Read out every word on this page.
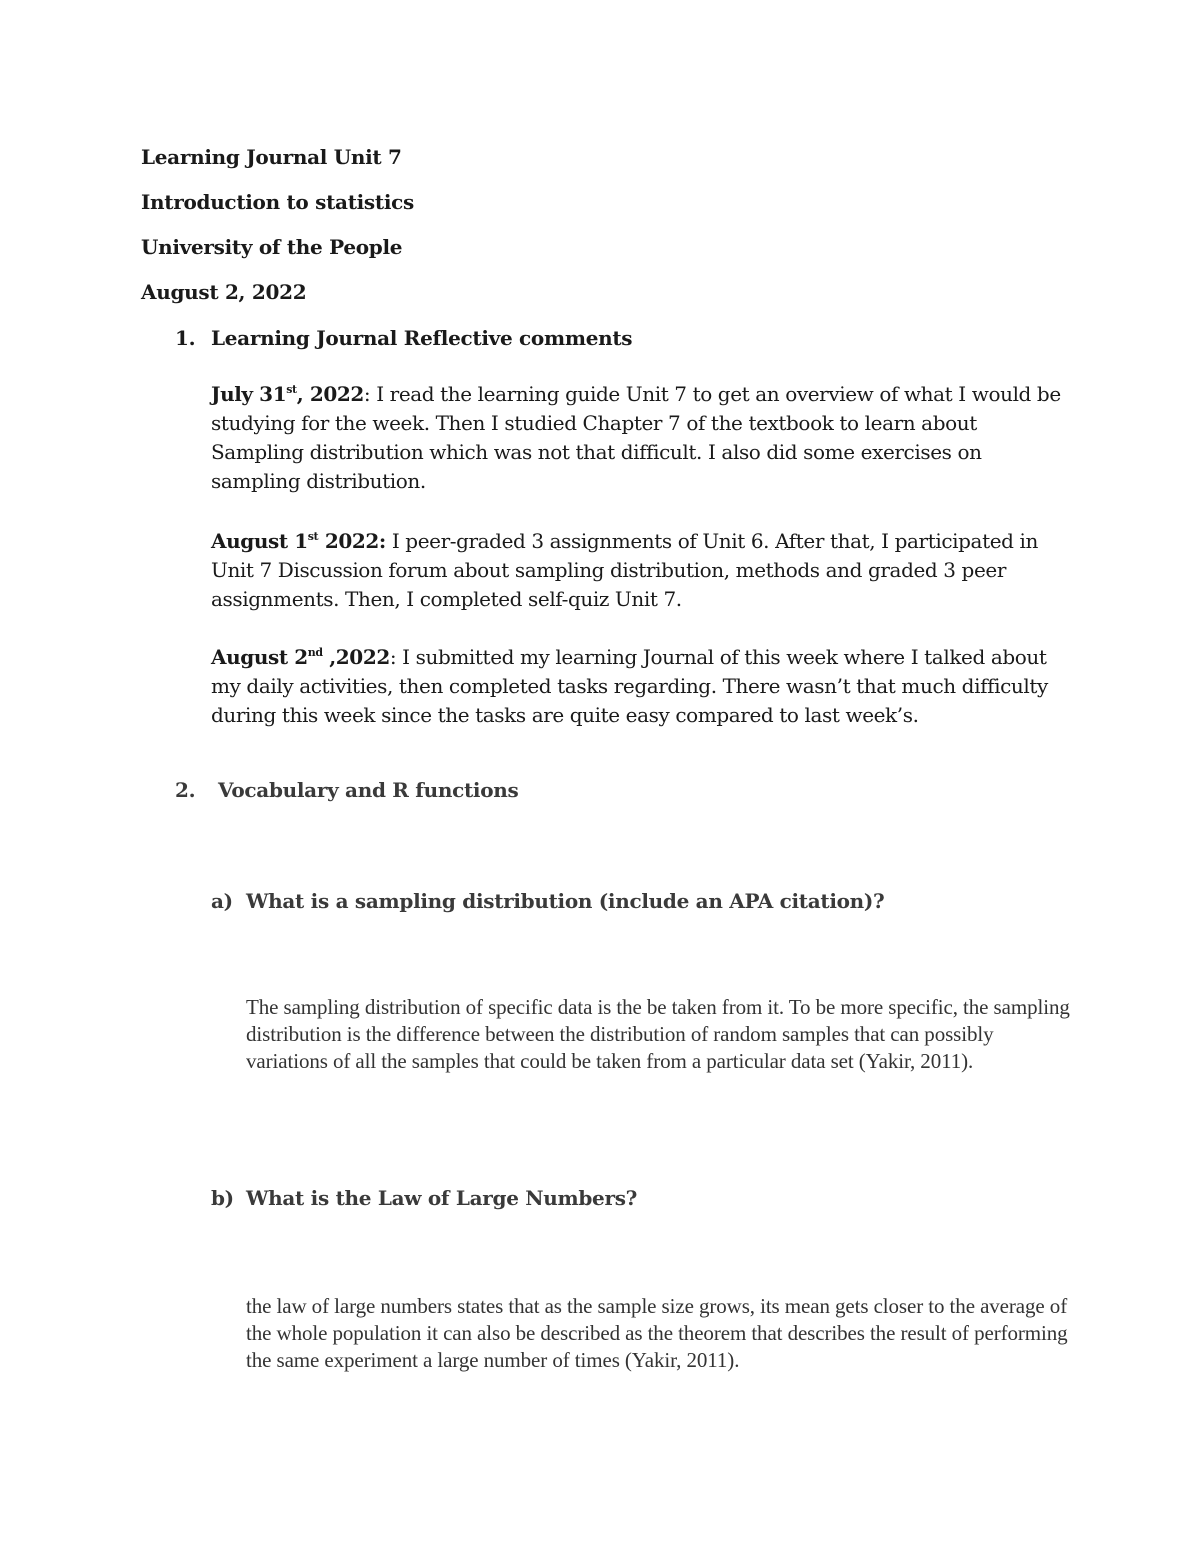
Learning Journal Unit 7
Introduction to statistics
University of the People
August 2, 2022
1. Learning Journal Reflective comments
July 31st, 2022: I read the learning guide Unit 7 to get an overview of what I would be studying for the week. Then I studied Chapter 7 of the textbook to learn about Sampling distribution which was not that difficult. I also did some exercises on sampling distribution.
August 1st 2022: I peer-graded 3 assignments of Unit 6. After that, I participated in Unit 7 Discussion forum about sampling distribution, methods and graded 3 peer assignments. Then, I completed self-quiz Unit 7.
August 2nd ,2022: I submitted my learning Journal of this week where I talked about my daily activities, then completed tasks regarding. There wasn’t that much difficulty during this week since the tasks are quite easy compared to last week’s.
2. Vocabulary and R functions
a) What is a sampling distribution (include an APA citation)?
The sampling distribution of specific data is the be taken from it. To be more specific, the sampling distribution is the difference between the distribution of random samples that can possibly variations of all the samples that could be taken from a particular data set (Yakir, 2011).
b) What is the Law of Large Numbers?
the law of large numbers states that as the sample size grows, its mean gets closer to the average of the whole population it can also be described as the theorem that describes the result of performing the same experiment a large number of times (Yakir, 2011).
